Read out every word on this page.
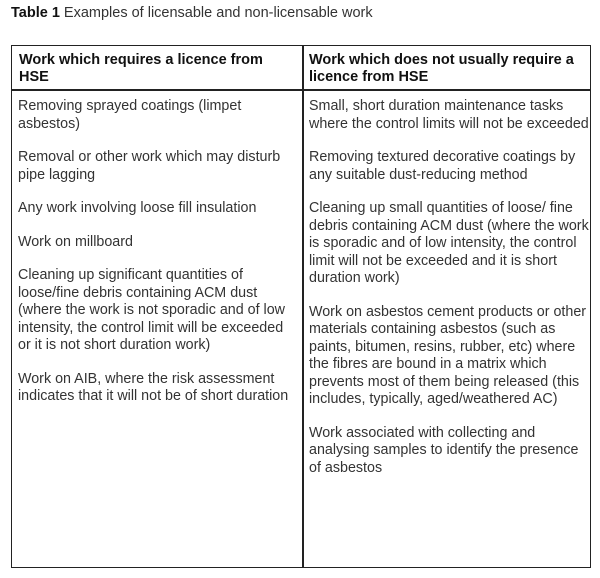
Table 1 Examples of licensable and non-licensable work
Work which requires a licence from HSE
Work which does not usually require a licence from HSE
Removing sprayed coatings (limpet asbestos)
Removal or other work which may disturb pipe lagging
Any work involving loose fill insulation
Work on millboard
Cleaning up significant quantities of loose/fine debris containing ACM dust (where the work is not sporadic and of low intensity, the control limit will be exceeded or it is not short duration work)
Work on AIB, where the risk assessment indicates that it will not be of short duration
Small, short duration maintenance tasks where the control limits will not be exceeded
Removing textured decorative coatings by any suitable dust-reducing method
Cleaning up small quantities of loose/ fine debris containing ACM dust (where the work is sporadic and of low intensity, the control limit will not be exceeded and it is short duration work)
Work on asbestos cement products or other materials containing asbestos (such as paints, bitumen, resins, rubber, etc) where the fibres are bound in a matrix which prevents most of them being released (this includes, typically, aged/weathered AC)
Work associated with collecting and analysing samples to identify the presence of asbestos
